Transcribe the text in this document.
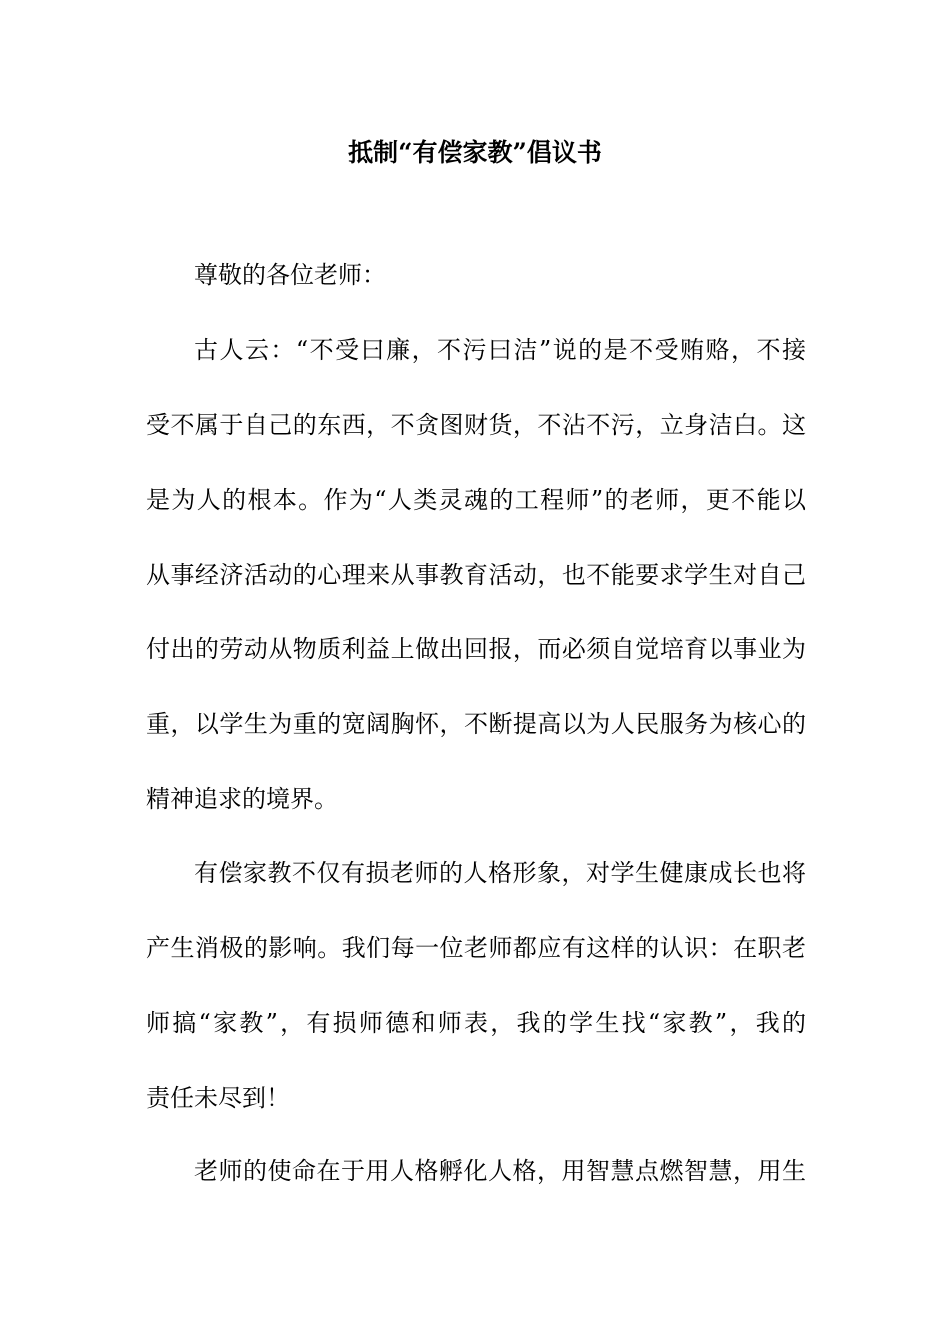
抵制“有偿家教”倡议书
尊敬的各位老师：
古人云：“不受曰廉，不污曰洁”说的是不受贿赂，不接
受不属于自己的东西，不贪图财货，不沾不污，立身洁白。这
是为人的根本。作为“人类灵魂的工程师”的老师，更不能以
从事经济活动的心理来从事教育活动，也不能要求学生对自己
付出的劳动从物质利益上做出回报，而必须自觉培育以事业为
重，以学生为重的宽阔胸怀，不断提高以为人民服务为核心的
精神追求的境界。
有偿家教不仅有损老师的人格形象，对学生健康成长也将
产生消极的影响。我们每一位老师都应有这样的认识：在职老
师搞“家教”，有损师德和师表，我的学生找“家教”，我的
责任未尽到！
老师的使命在于用人格孵化人格，用智慧点燃智慧，用生
